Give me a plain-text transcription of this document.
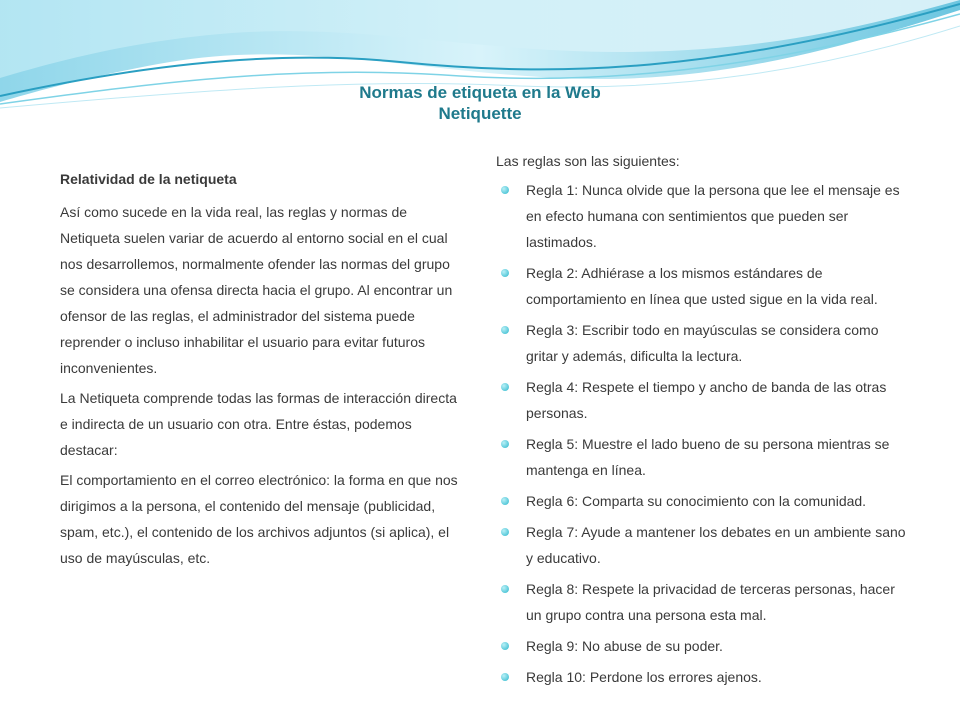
Normas de etiqueta en la Web
Netiquette

Relatividad de la netiqueta

Así como sucede en la vida real, las reglas y normas de Netiqueta suelen variar de acuerdo al entorno social en el cual nos desarrollemos, normalmente ofender las normas del grupo se considera una ofensa directa hacia el grupo. Al encontrar un ofensor de las reglas, el administrador del sistema puede reprender o incluso inhabilitar el usuario para evitar futuros inconvenientes.

La Netiqueta comprende todas las formas de interacción directa e indirecta de un usuario con otra. Entre éstas, podemos destacar:

El comportamiento en el correo electrónico: la forma en que nos dirigimos a la persona, el contenido del mensaje (publicidad, spam, etc.), el contenido de los archivos adjuntos (si aplica), el uso de mayúsculas, etc.

Las reglas son las siguientes:

Regla 1: Nunca olvide que la persona que lee el mensaje es en efecto humana con sentimientos que pueden ser lastimados.
Regla 2: Adhiérase a los mismos estándares de comportamiento en línea que usted sigue en la vida real.
Regla 3: Escribir todo en mayúsculas se considera como gritar y además, dificulta la lectura.
Regla 4: Respete el tiempo y ancho de banda de las otras personas.
Regla 5: Muestre el lado bueno de su persona mientras se mantenga en línea.
Regla 6: Comparta su conocimiento con la comunidad.
Regla 7: Ayude a mantener los debates en un ambiente sano y educativo.
Regla 8: Respete la privacidad de terceras personas, hacer un grupo contra una persona esta mal.
Regla 9: No abuse de su poder.
Regla 10: Perdone los errores ajenos.
